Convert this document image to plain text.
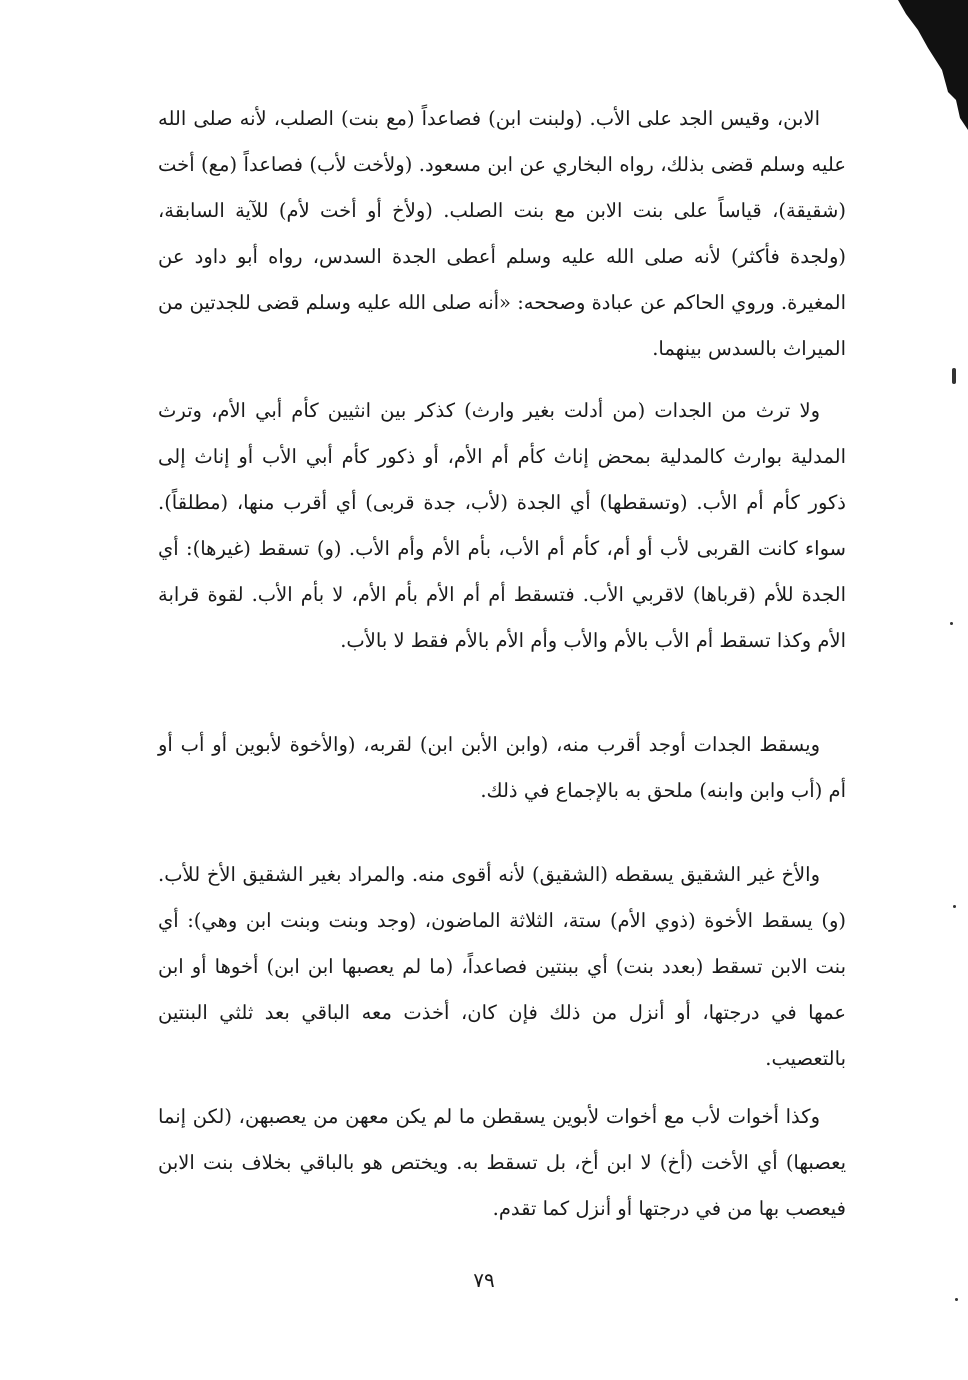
الابن، وقيس الجد على الأب. (ولبنت ابن) فصاعداً (مع بنت) الصلب، لأنه صلى الله عليه وسلم قضى بذلك، رواه البخاري عن ابن مسعود. (ولأخت لأب) فصاعداً (مع) أخت (شقيقة)، قياساً على بنت الابن مع بنت الصلب. (ولأخ أو أخت لأم) للآية السابقة، (ولجدة فأكثر) لأنه صلى الله عليه وسلم أعطى الجدة السدس، رواه أبو داود عن المغيرة. وروي الحاكم عن عبادة وصححه: «أنه صلى الله عليه وسلم قضى للجدتين من الميراث بالسدس بينهما.

ولا ترث من الجدات (من أدلت بغير وارث) كذكر بين انثيين كأم أبي الأم، وترث المدلية بوارث كالمدلية بمحض إناث كأم أم الأم، أو ذكور كأم أبي الأب أو إناث إلى ذكور كأم أم الأب. (وتسقطها) أي الجدة (لأب، جدة قربى) أي أقرب منها، (مطلقاً). سواء كانت القربى لأب أو أم، كأم أم الأب، بأم الأم وأم الأب. (و) تسقط (غيرها): أي الجدة للأم (قرباها) لاقربي الأب. فتسقط أم أم الأم بأم الأم، لا بأم الأب. لقوة قرابة الأم وكذا تسقط أم الأب بالأم والأب وأم الأم بالأم فقط لا بالأب.

ويسقط الجدات أوجد أقرب منه، (وابن الأبن ابن) لقربه، (والأخوة لأبوين أو أب أو أم (أب وابن وابنه) ملحق به بالإجماع في ذلك.

والأخ غير الشقيق يسقطه (الشقيق) لأنه أقوى منه. والمراد بغير الشقيق الأخ للأب. (و) يسقط الأخوة (ذوي الأم) ستة، الثلاثة الماضون، (وجد وبنت وبنت ابن وهي): أي بنت الابن تسقط (بعدد بنت) أي ببنتين فصاعداً، (ما لم يعصبها ابن ابن) أخوها أو ابن عمها في درجتها، أو أنزل من ذلك فإن كان، أخذت معه الباقي بعد ثلثي البنتين بالتعصيب.

وكذا أخوات لأب مع أخوات لأبوين يسقطن ما لم يكن معهن من يعصبهن، (لكن إنما يعصبها) أي الأخت (أخ) لا ابن أخ، بل تسقط به. ويختص هو بالباقي بخلاف بنت الابن فيعصب بها من في درجتها أو أنزل كما تقدم.

٧٩
